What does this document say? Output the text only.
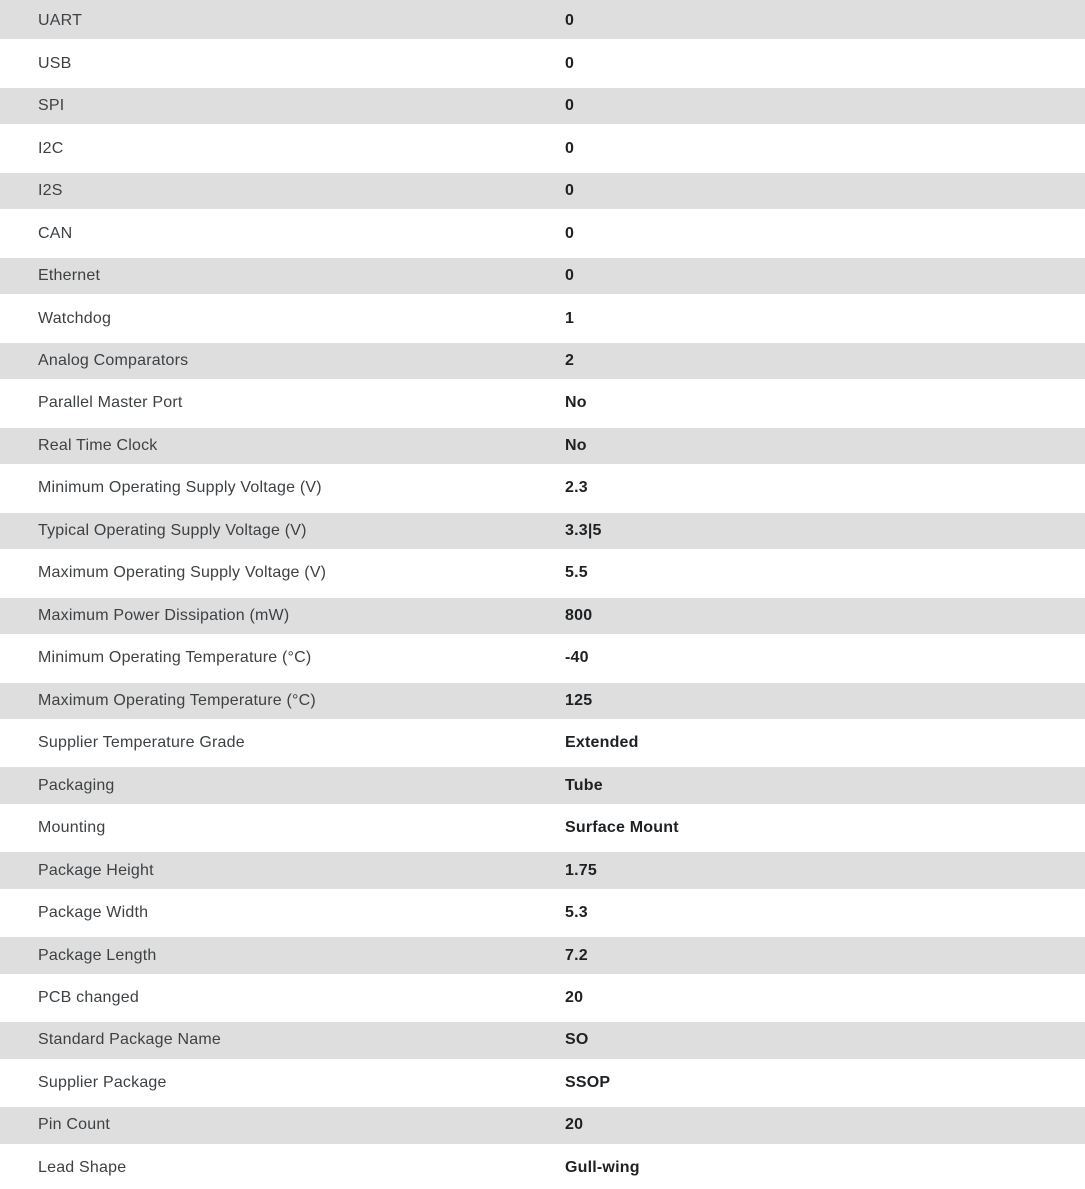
UART	0
USB	0
SPI	0
I2C	0
I2S	0
CAN	0
Ethernet	0
Watchdog	1
Analog Comparators	2
Parallel Master Port	No
Real Time Clock	No
Minimum Operating Supply Voltage (V)	2.3
Typical Operating Supply Voltage (V)	3.3|5
Maximum Operating Supply Voltage (V)	5.5
Maximum Power Dissipation (mW)	800
Minimum Operating Temperature (°C)	-40
Maximum Operating Temperature (°C)	125
Supplier Temperature Grade	Extended
Packaging	Tube
Mounting	Surface Mount
Package Height	1.75
Package Width	5.3
Package Length	7.2
PCB changed	20
Standard Package Name	SO
Supplier Package	SSOP
Pin Count	20
Lead Shape	Gull-wing
